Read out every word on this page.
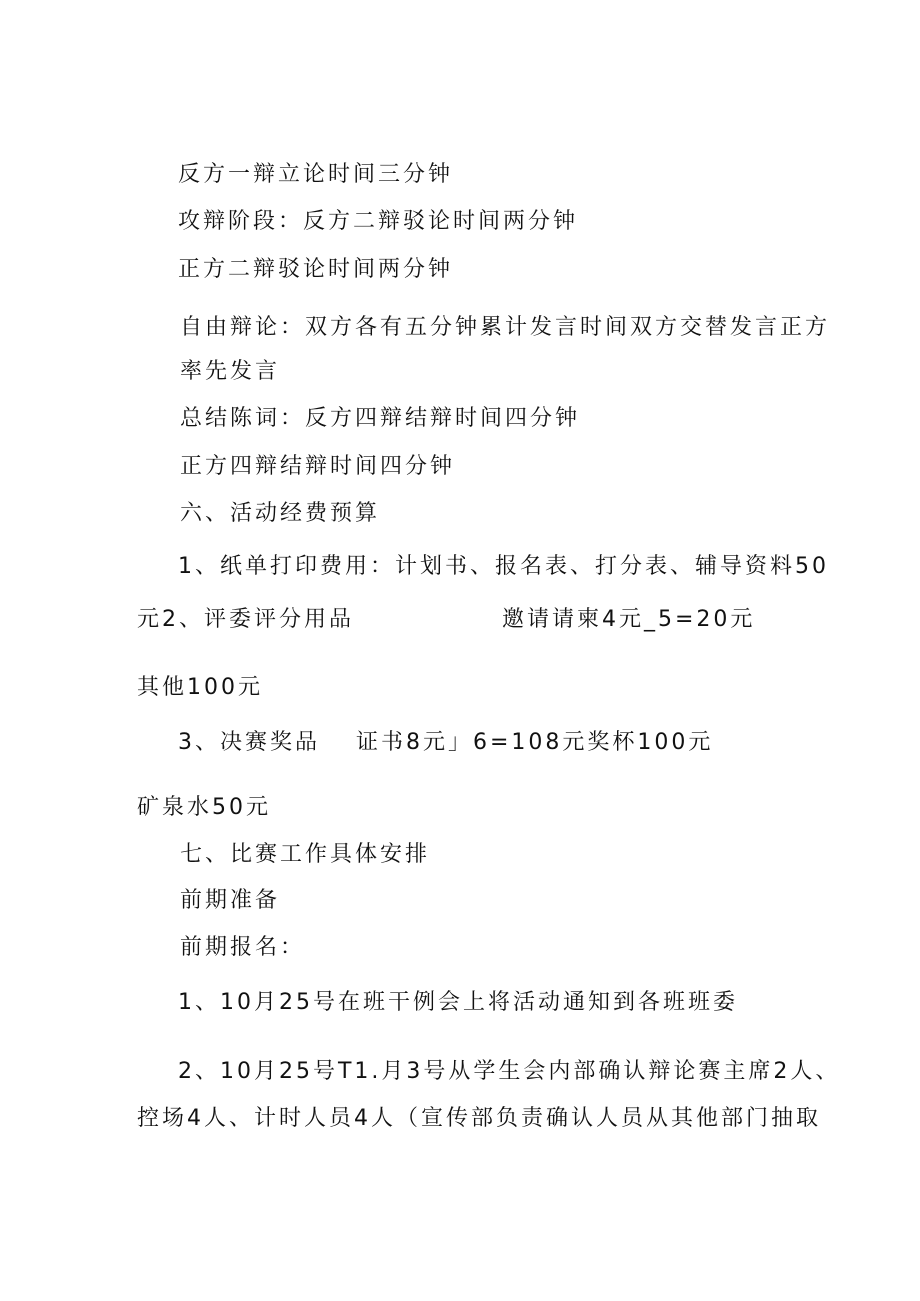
反方一辩立论时间三分钟

攻辩阶段：反方二辩驳论时间两分钟

正方二辩驳论时间两分钟

自由辩论：双方各有五分钟累计发言时间双方交替发言正方

率先发言

总结陈词：反方四辩结辩时间四分钟

正方四辩结辩时间四分钟

六、活动经费预算

1、纸单打印费用：计划书、报名表、打分表、辅导资料50

元2、评委评分用品	邀请请柬4元_5=20元

其他100元

3、决赛奖品 证书8元」6=108元奖杯100元

矿泉水50元

七、比赛工作具体安排

前期准备

前期报名：

1、10月25号在班干例会上将活动通知到各班班委

2、10月25号T1.月3号从学生会内部确认辩论赛主席2人、

控场4人、计时人员4人（宣传部负责确认人员从其他部门抽取
